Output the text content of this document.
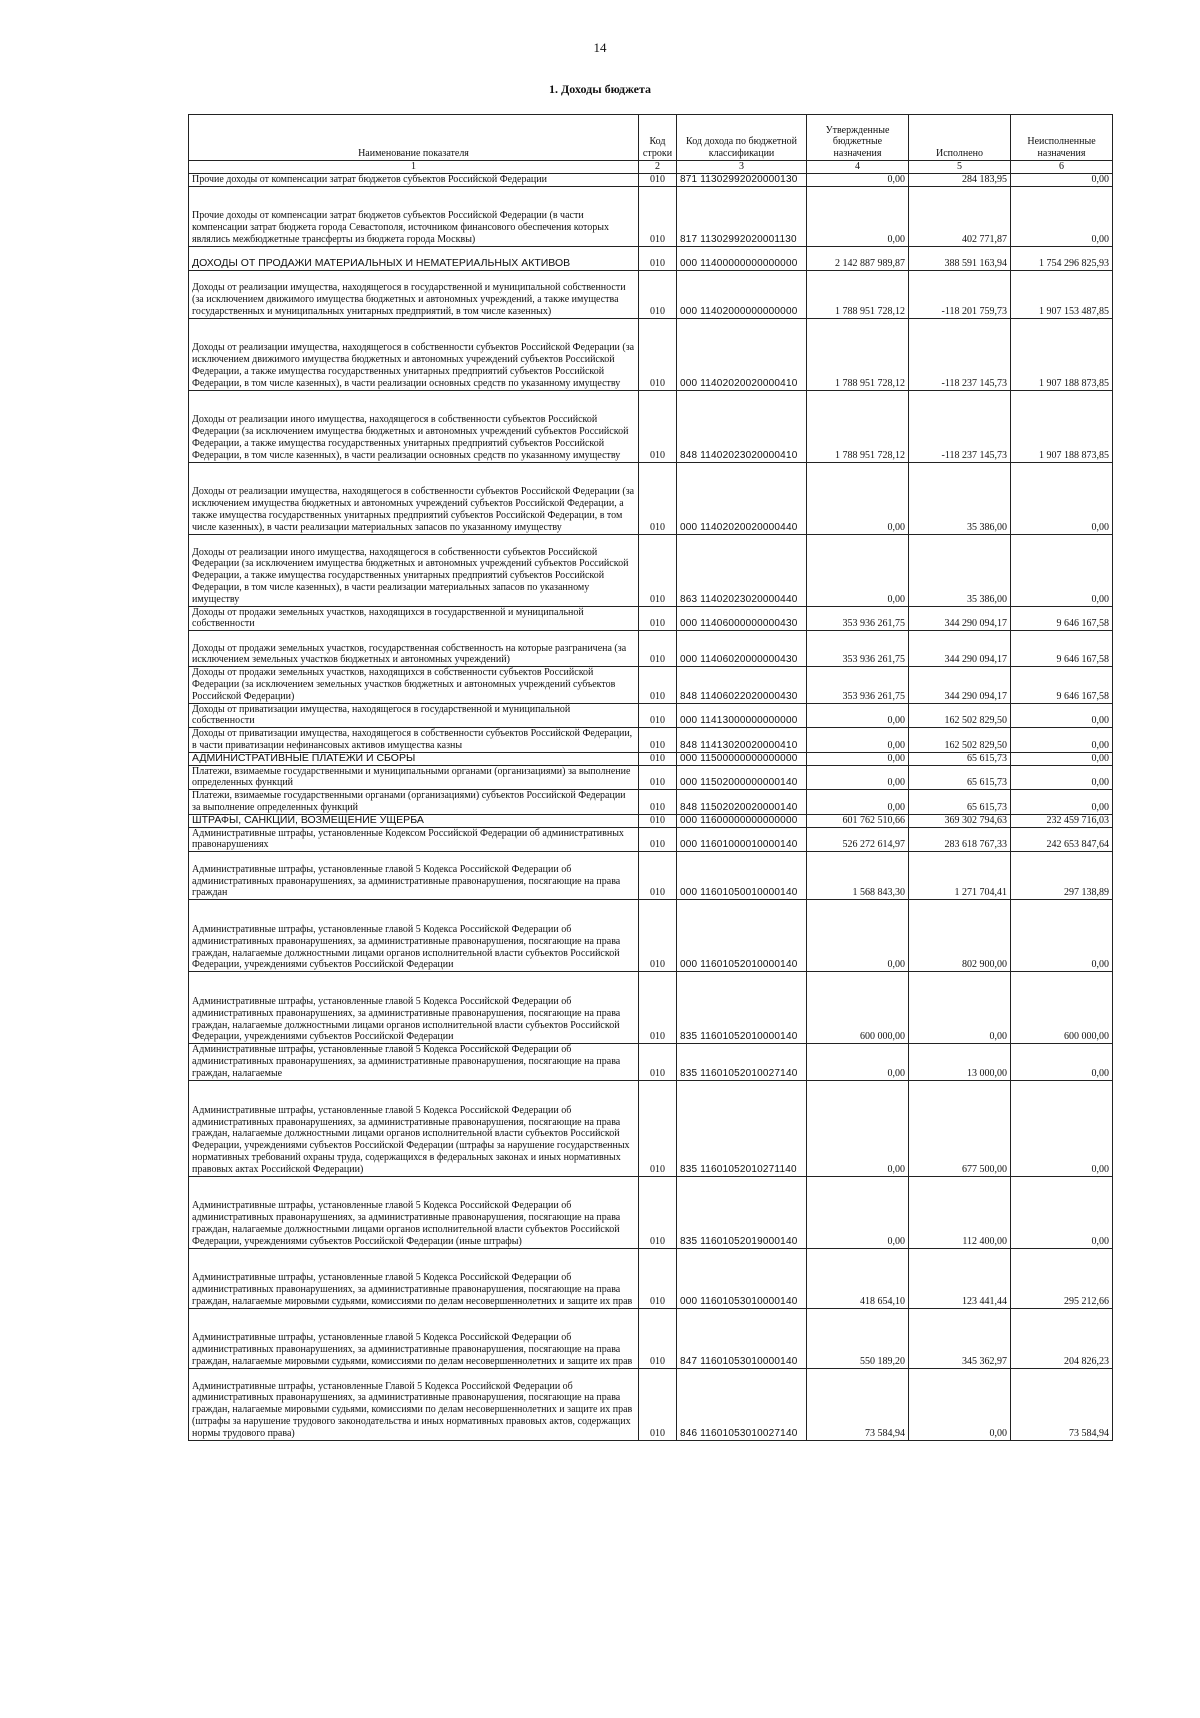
14
1. Доходы бюджета
Наименование показателя	Код строки	Код дохода по бюджетной классификации	Утвержденные бюджетные назначения	Исполнено	Неисполненные назначения
1	2	3	4	5	6
Прочие доходы от компенсации затрат бюджетов субъектов Российской Федерации	010	871 11302992020000130	0,00	284 183,95	0,00
Прочие доходы от компенсации затрат бюджетов субъектов Российской Федерации (в части компенсации затрат бюджета города Севастополя, источником финансового обеспечения которых являлись межбюджетные трансферты из бюджета города Москвы)	010	817 11302992020001130	0,00	402 771,87	0,00
ДОХОДЫ ОТ ПРОДАЖИ МАТЕРИАЛЬНЫХ И НЕМАТЕРИАЛЬНЫХ АКТИВОВ	010	000 11400000000000000	2 142 887 989,87	388 591 163,94	1 754 296 825,93
Доходы от реализации имущества, находящегося в государственной и муниципальной собственности (за исключением движимого имущества бюджетных и автономных учреждений, а также имущества государственных и муниципальных унитарных предприятий, в том числе казенных)	010	000 11402000000000000	1 788 951 728,12	-118 201 759,73	1 907 153 487,85
Доходы от реализации имущества, находящегося в собственности субъектов Российской Федерации (за исключением движимого имущества бюджетных и автономных учреждений субъектов Российской Федерации, а также имущества государственных унитарных предприятий субъектов Российской Федерации, в том числе казенных), в части реализации основных средств по указанному имуществу	010	000 11402020020000410	1 788 951 728,12	-118 237 145,73	1 907 188 873,85
Доходы от реализации иного имущества, находящегося в собственности субъектов Российской Федерации (за исключением имущества бюджетных и автономных учреждений субъектов Российской Федерации, а также имущества государственных унитарных предприятий субъектов Российской Федерации, в том числе казенных), в части реализации основных средств по указанному имуществу	010	848 11402023020000410	1 788 951 728,12	-118 237 145,73	1 907 188 873,85
Доходы от реализации имущества, находящегося в собственности субъектов Российской Федерации (за исключением имущества бюджетных и автономных учреждений субъектов Российской Федерации, а также имущества государственных унитарных предприятий субъектов Российской Федерации, в том числе казенных), в части реализации материальных запасов по указанному имуществу	010	000 11402020020000440	0,00	35 386,00	0,00
Доходы от реализации иного имущества, находящегося в собственности субъектов Российской Федерации (за исключением имущества бюджетных и автономных учреждений субъектов Российской Федерации, а также имущества государственных унитарных предприятий субъектов Российской Федерации, в том числе казенных), в части реализации материальных запасов по указанному имуществу	010	863 11402023020000440	0,00	35 386,00	0,00
Доходы от продажи земельных участков, находящихся в государственной и муниципальной собственности	010	000 11406000000000430	353 936 261,75	344 290 094,17	9 646 167,58
Доходы от продажи земельных участков, государственная собственность на которые разграничена (за исключением земельных участков бюджетных и автономных учреждений)	010	000 11406020000000430	353 936 261,75	344 290 094,17	9 646 167,58
Доходы от продажи земельных участков, находящихся в собственности субъектов Российской Федерации (за исключением земельных участков бюджетных и автономных учреждений субъектов Российской Федерации)	010	848 11406022020000430	353 936 261,75	344 290 094,17	9 646 167,58
Доходы от приватизации имущества, находящегося в государственной и муниципальной собственности	010	000 11413000000000000	0,00	162 502 829,50	0,00
Доходы от приватизации имущества, находящегося в собственности субъектов Российской Федерации, в части приватизации нефинансовых активов имущества казны	010	848 11413020020000410	0,00	162 502 829,50	0,00
АДМИНИСТРАТИВНЫЕ ПЛАТЕЖИ И СБОРЫ	010	000 11500000000000000	0,00	65 615,73	0,00
Платежи, взимаемые государственными и муниципальными органами (организациями) за выполнение определенных функций	010	000 11502000000000140	0,00	65 615,73	0,00
Платежи, взимаемые государственными органами (организациями) субъектов Российской Федерации за выполнение определенных функций	010	848 11502020020000140	0,00	65 615,73	0,00
ШТРАФЫ, САНКЦИИ, ВОЗМЕЩЕНИЕ УЩЕРБА	010	000 11600000000000000	601 762 510,66	369 302 794,63	232 459 716,03
Административные штрафы, установленные Кодексом Российской Федерации об административных правонарушениях	010	000 11601000010000140	526 272 614,97	283 618 767,33	242 653 847,64
Административные штрафы, установленные главой 5 Кодекса Российской Федерации об административных правонарушениях, за административные правонарушения, посягающие на права граждан	010	000 11601050010000140	1 568 843,30	1 271 704,41	297 138,89
Административные штрафы, установленные главой 5 Кодекса Российской Федерации об административных правонарушениях, за административные правонарушения, посягающие на права граждан, налагаемые должностными лицами органов исполнительной власти субъектов Российской Федерации, учреждениями субъектов Российской Федерации	010	000 11601052010000140	0,00	802 900,00	0,00
Административные штрафы, установленные главой 5 Кодекса Российской Федерации об административных правонарушениях, за административные правонарушения, посягающие на права граждан, налагаемые должностными лицами органов исполнительной власти субъектов Российской Федерации, учреждениями субъектов Российской Федерации	010	835 11601052010000140	600 000,00	0,00	600 000,00
Административные штрафы, установленные главой 5 Кодекса Российской Федерации об административных правонарушениях, за административные правонарушения, посягающие на права граждан, налагаемые	010	835 11601052010027140	0,00	13 000,00	0,00
Административные штрафы, установленные главой 5 Кодекса Российской Федерации об административных правонарушениях, за административные правонарушения, посягающие на права граждан, налагаемые должностными лицами органов исполнительной власти субъектов Российской Федерации, учреждениями субъектов Российской Федерации (штрафы за нарушение государственных нормативных требований охраны труда, содержащихся в федеральных законах и иных нормативных правовых актах Российской Федерации)	010	835 11601052010271140	0,00	677 500,00	0,00
Административные штрафы, установленные главой 5 Кодекса Российской Федерации об административных правонарушениях, за административные правонарушения, посягающие на права граждан, налагаемые должностными лицами органов исполнительной власти субъектов Российской Федерации, учреждениями субъектов Российской Федерации (иные штрафы)	010	835 11601052019000140	0,00	112 400,00	0,00
Административные штрафы, установленные главой 5 Кодекса Российской Федерации об административных правонарушениях, за административные правонарушения, посягающие на права граждан, налагаемые мировыми судьями, комиссиями по делам несовершеннолетних и защите их прав	010	000 11601053010000140	418 654,10	123 441,44	295 212,66
Административные штрафы, установленные главой 5 Кодекса Российской Федерации об административных правонарушениях, за административные правонарушения, посягающие на права граждан, налагаемые мировыми судьями, комиссиями по делам несовершеннолетних и защите их прав	010	847 11601053010000140	550 189,20	345 362,97	204 826,23
Административные штрафы, установленные Главой 5 Кодекса Российской Федерации об административных правонарушениях, за административные правонарушения, посягающие на права граждан, налагаемые мировыми судьями, комиссиями по делам несовершеннолетних и защите их прав (штрафы за нарушение трудового законодательства и иных нормативных правовых актов, содержащих нормы трудового права)	010	846 11601053010027140	73 584,94	0,00	73 584,94
